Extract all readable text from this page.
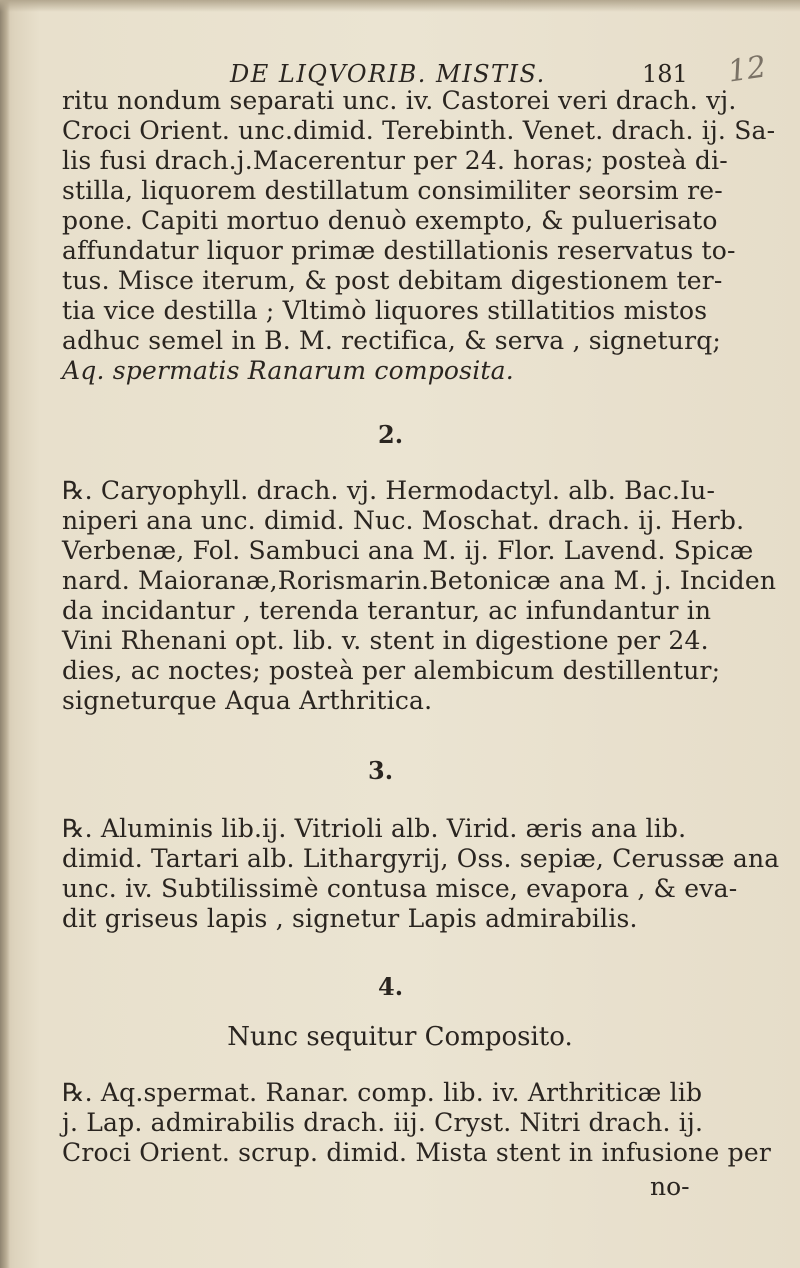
DE LIQVORIB. MISTIS.	181 12
ritu nondum separati unc. iv. Castorei veri drach. vj.
Croci Orient. unc.dimid. Terebinth. Venet. drach. ij. Sa-
lis fusi drach.j.Macerentur per 24. horas; posteà di-
stilla, liquorem destillatum consimiliter seorsim re-
pone. Capiti mortuo denuò exempto, & puluerisato
affundatur liquor primæ destillationis reservatus to-
tus. Misce iterum, & post debitam digestionem ter-
tia vice destilla ; Vltimò liquores stillatitios mistos
adhuc semel in B. M. rectifica, & serva , signeturq;
Aq. spermatis Ranarum composita.
2.
℞. Caryophyll. drach. vj. Hermodactyl. alb. Bac.Iu-
niperi ana unc. dimid. Nuc. Moschat. drach. ij. Herb.
Verbenæ, Fol. Sambuci ana M. ij. Flor. Lavend. Spicæ
nard. Maioranæ,Rorismarin.Betonicæ ana M. j. Inciden
da incidantur , terenda terantur, ac infundantur in
Vini Rhenani opt. lib. v. stent in digestione per 24.
dies, ac noctes; posteà per alembicum destillentur;
signeturque Aqua Arthritica.
3.
℞. Aluminis lib.ij. Vitrioli alb. Virid. æris ana lib.
dimid. Tartari alb. Lithargyrij, Oss. sepiæ, Cerussæ ana
unc. iv. Subtilissimè contusa misce, evapora , & eva-
dit griseus lapis , signetur Lapis admirabilis.
4.
Nunc sequitur Composito.
℞. Aq.spermat. Ranar. comp. lib. iv. Arthriticæ lib
j. Lap. admirabilis drach. iij. Cryst. Nitri drach. ij.
Croci Orient. scrup. dimid. Mista stent in infusione per
no-
